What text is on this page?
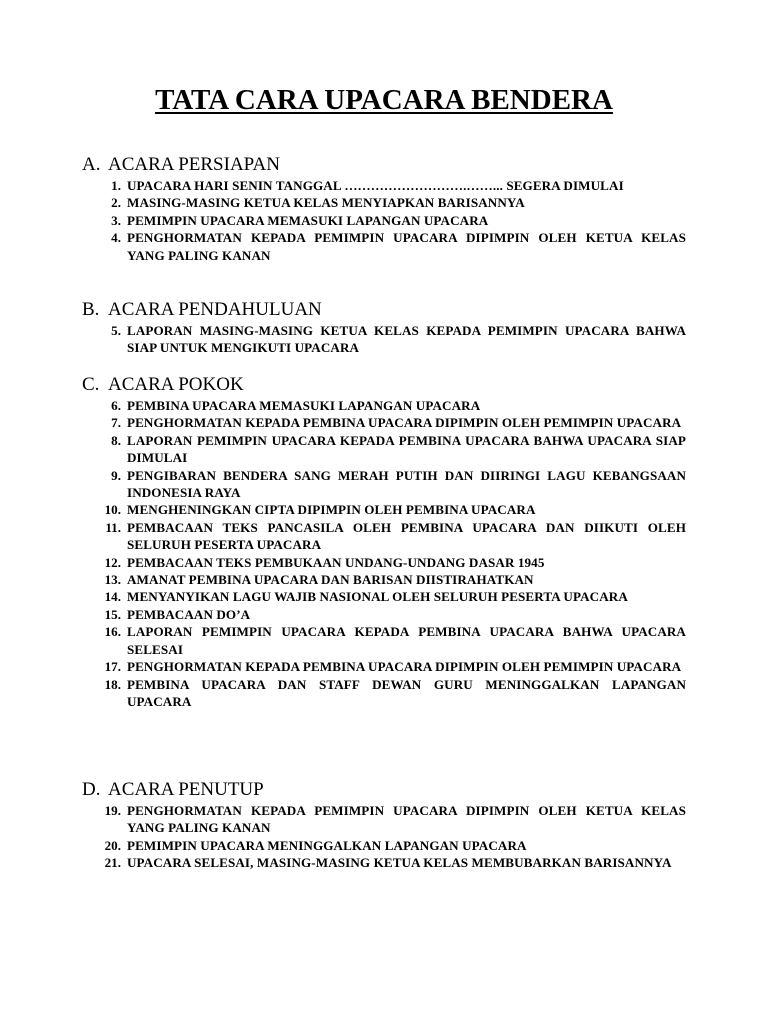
TATA CARA UPACARA BENDERA
A. ACARA PERSIAPAN
1. UPACARA HARI SENIN TANGGAL ……………………….……... SEGERA DIMULAI
2. MASING-MASING KETUA KELAS MENYIAPKAN BARISANNYA
3. PEMIMPIN UPACARA MEMASUKI LAPANGAN UPACARA
4. PENGHORMATAN KEPADA PEMIMPIN UPACARA DIPIMPIN OLEH KETUA KELAS YANG PALING KANAN
B. ACARA PENDAHULUAN
5. LAPORAN MASING-MASING KETUA KELAS KEPADA PEMIMPIN UPACARA BAHWA SIAP UNTUK MENGIKUTI UPACARA
C. ACARA POKOK
6. PEMBINA UPACARA MEMASUKI LAPANGAN UPACARA
7. PENGHORMATAN KEPADA PEMBINA UPACARA DIPIMPIN OLEH PEMIMPIN UPACARA
8. LAPORAN PEMIMPIN UPACARA KEPADA PEMBINA UPACARA BAHWA UPACARA SIAP DIMULAI
9. PENGIBARAN BENDERA SANG MERAH PUTIH DAN DIIRINGI LAGU KEBANGSAAN INDONESIA RAYA
10. MENGHENINGKAN CIPTA DIPIMPIN OLEH PEMBINA UPACARA
11. PEMBACAAN TEKS PANCASILA OLEH PEMBINA UPACARA DAN DIIKUTI OLEH SELURUH PESERTA UPACARA
12. PEMBACAAN TEKS PEMBUKAAN UNDANG-UNDANG DASAR 1945
13. AMANAT PEMBINA UPACARA DAN BARISAN DIISTIRAHATKAN
14. MENYANYIKAN LAGU WAJIB NASIONAL OLEH SELURUH PESERTA UPACARA
15. PEMBACAAN DO’A
16. LAPORAN PEMIMPIN UPACARA KEPADA PEMBINA UPACARA BAHWA UPACARA SELESAI
17. PENGHORMATAN KEPADA PEMBINA UPACARA DIPIMPIN OLEH PEMIMPIN UPACARA
18. PEMBINA UPACARA DAN STAFF DEWAN GURU MENINGGALKAN LAPANGAN UPACARA
D. ACARA PENUTUP
19. PENGHORMATAN KEPADA PEMIMPIN UPACARA DIPIMPIN OLEH KETUA KELAS YANG PALING KANAN
20. PEMIMPIN UPACARA MENINGGALKAN LAPANGAN UPACARA
21. UPACARA SELESAI, MASING-MASING KETUA KELAS MEMBUBARKAN BARISANNYA
